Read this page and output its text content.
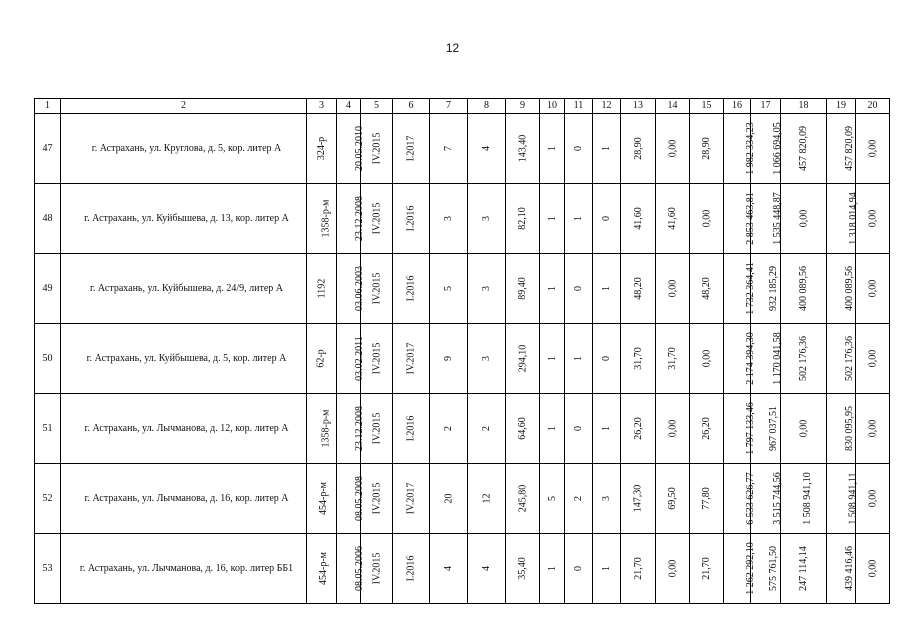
12
1	2	3	4	5	6	7	8	9	10	11	12	13	14	15	16	17	18	19	20
47	г. Астрахань, ул. Круглова, д. 5, кор. литер А	324-р	20.05.2010	IV.2015	I.2017	7	4	143,40	1	0	1	28,90	0,00	28,90	1 982 334,23	1 066 694,05	457 820,09	457 820,09	0,00
48	г. Астрахань, ул. Куйбышева, д. 13, кор. литер А	1358-р-м	23.12.2008	IV.2015	I.2016	3	3	82,10	1	1	0	41,60	41,60	0,00	2 853 463,81	1 535 448,87	0,00	1 318 014,94	0,00
49	г. Астрахань, ул. Куйбышева, д. 24/9, литер А	1192	03.06.2003	IV.2015	I.2016	5	3	89,40	1	0	1	48,20	0,00	48,20	1 732 364,41	932 185,29	400 089,56	400 089,56	0,00
50	г. Астрахань, ул. Куйбышева, д. 5, кор. литер А	62-р	03.02.2011	IV.2015	IV.2017	9	3	294,10	1	1	0	31,70	31,70	0,00	2 174 394,30	1 170 041,58	502 176,36	502 176,36	0,00
51	г. Астрахань, ул. Лычманова, д. 12, кор. литер А	1358-р-м	23.12.2008	IV.2015	I.2016	2	2	64,60	1	0	1	26,20	0,00	26,20	1 797 133,46	967 037,51	0,00	830 095,95	0,00
52	г. Астрахань, ул. Лычманова, д. 16, кор. литер А	454-р-м	08.05.2008	IV.2015	IV.2017	20	12	245,80	5	2	3	147,30	69,50	77,80	6 533 626,77	3 515 744,56	1 508 941,10	1 508 941,11	0,00
53	г. Астрахань, ул. Лычманова, д. 16, кор. литер ББ1	454-р-м	08.05.2006	IV.2015	I.2016	4	4	35,40	1	0	1	21,70	0,00	21,70	1 262 292,10	575 761,50	247 114,14	439 416,46	0,00
